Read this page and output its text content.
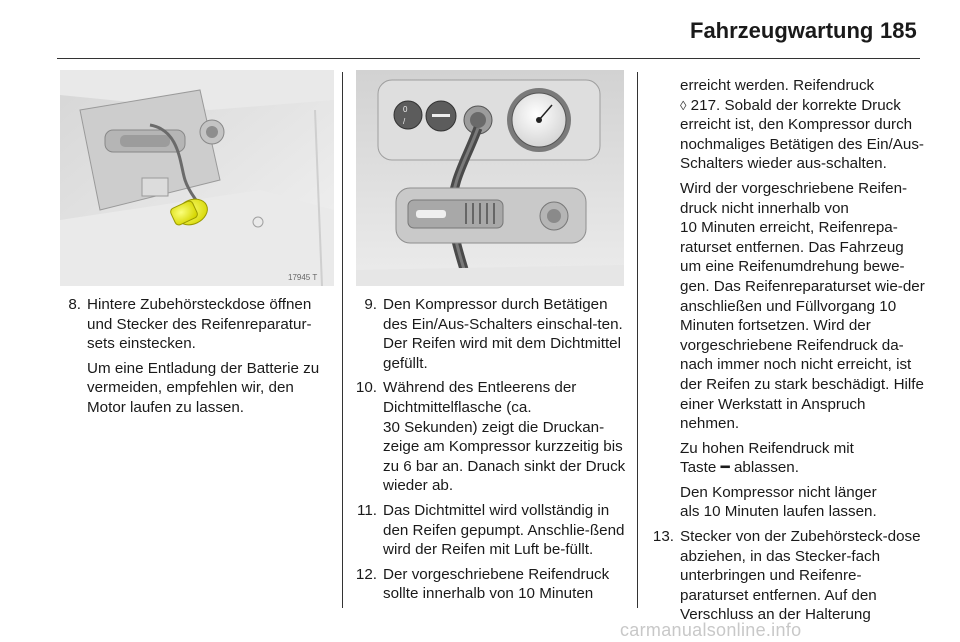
Fahrzeugwartung 185
17945 T
0
/
8. Hintere Zubehörsteckdose öffnen und Stecker des Reifenreparatur-sets einstecken.
Um eine Entladung der Batterie zu vermeiden, empfehlen wir, den Motor laufen zu lassen.
9. Den Kompressor durch Betätigen des Ein/Aus-Schalters einschal-ten. Der Reifen wird mit dem Dichtmittel gefüllt.
10. Während des Entleerens der Dichtmittelflasche (ca.
30 Sekunden) zeigt die Druckan-zeige am Kompressor kurzzeitig bis zu 6 bar an. Danach sinkt der Druck wieder ab.
11. Das Dichtmittel wird vollständig in den Reifen gepumpt. Anschlie-ßend wird der Reifen mit Luft be-füllt.
12. Der vorgeschriebene Reifendruck sollte innerhalb von 10 Minuten
erreicht werden. Reifendruck
◊ 217. Sobald der korrekte Druck erreicht ist, den Kompressor durch nochmaliges Betätigen des Ein/Aus-Schalters wieder aus-schalten.
Wird der vorgeschriebene Reifen-druck nicht innerhalb von
10 Minuten erreicht, Reifenrepa-raturset entfernen. Das Fahrzeug um eine Reifenumdrehung bewe-gen. Das Reifenreparaturset wie-der anschließen und Füllvorgang 10 Minuten fortsetzen. Wird der vorgeschriebene Reifendruck da-nach immer noch nicht erreicht, ist der Reifen zu stark beschädigt. Hilfe einer Werkstatt in Anspruch nehmen.
Zu hohen Reifendruck mit
Taste ━ ablassen.
Den Kompressor nicht länger
als 10 Minuten laufen lassen.
13. Stecker von der Zubehörsteck-dose abziehen, in das Stecker-fach unterbringen und Reifenre-paraturset entfernen. Auf den Verschluss an der Halterung
carmanualsonline.info
